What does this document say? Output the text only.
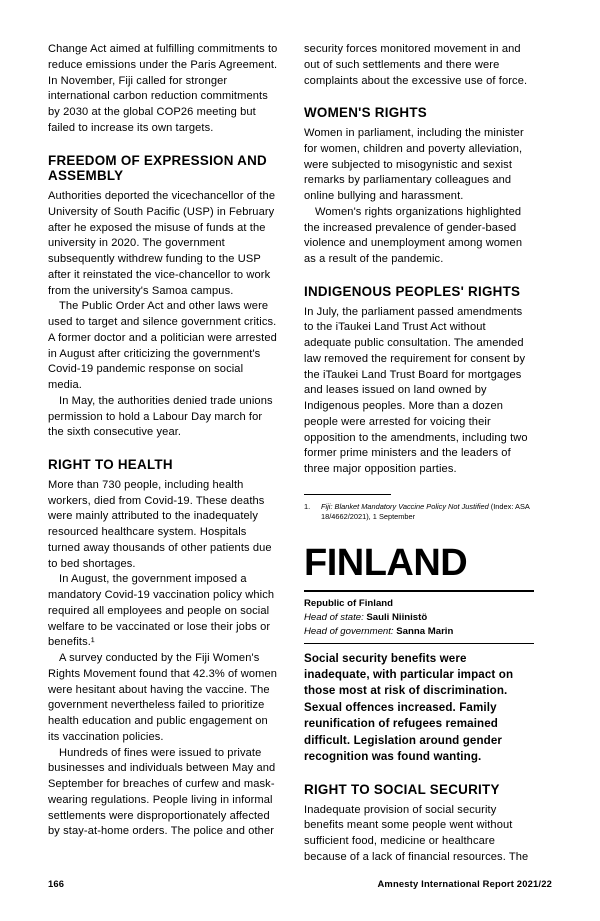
Change Act aimed at fulfilling commitments to reduce emissions under the Paris Agreement. In November, Fiji called for stronger international carbon reduction commitments by 2030 at the global COP26 meeting but failed to increase its own targets.

FREEDOM OF EXPRESSION AND ASSEMBLY

Authorities deported the vicechancellor of the University of South Pacific (USP) in February after he exposed the misuse of funds at the university in 2020. The government subsequently withdrew funding to the USP after it reinstated the vice-chancellor to work from the university's Samoa campus.

The Public Order Act and other laws were used to target and silence government critics. A former doctor and a politician were arrested in August after criticizing the government's Covid-19 pandemic response on social media.

In May, the authorities denied trade unions permission to hold a Labour Day march for the sixth consecutive year.

RIGHT TO HEALTH

More than 730 people, including health workers, died from Covid-19. These deaths were mainly attributed to the inadequately resourced healthcare system. Hospitals turned away thousands of other patients due to bed shortages.

In August, the government imposed a mandatory Covid-19 vaccination policy which required all employees and people on social welfare to be vaccinated or lose their jobs or benefits.¹

A survey conducted by the Fiji Women's Rights Movement found that 42.3% of women were hesitant about having the vaccine. The government nevertheless failed to prioritize health education and public engagement on its vaccination policies.

Hundreds of fines were issued to private businesses and individuals between May and September for breaches of curfew and mask-wearing regulations. People living in informal settlements were disproportionately affected by stay-at-home orders. The police and other

security forces monitored movement in and out of such settlements and there were complaints about the excessive use of force.

WOMEN'S RIGHTS

Women in parliament, including the minister for women, children and poverty alleviation, were subjected to misogynistic and sexist remarks by parliamentary colleagues and online bullying and harassment.

Women's rights organizations highlighted the increased prevalence of gender-based violence and unemployment among women as a result of the pandemic.

INDIGENOUS PEOPLES' RIGHTS

In July, the parliament passed amendments to the iTaukei Land Trust Act without adequate public consultation. The amended law removed the requirement for consent by the iTaukei Land Trust Board for mortgages and leases issued on land owned by Indigenous peoples. More than a dozen people were arrested for voicing their opposition to the amendments, including two former prime ministers and the leaders of three major opposition parties.

1.	Fiji: Blanket Mandatory Vaccine Policy Not Justified (Index: ASA 18/4662/2021), 1 September
FINLAND
Republic of Finland
Head of state: Sauli Niinistö
Head of government: Sanna Marin

Social security benefits were inadequate, with particular impact on those most at risk of discrimination. Sexual offences increased. Family reunification of refugees remained difficult. Legislation around gender recognition was found wanting.

RIGHT TO SOCIAL SECURITY

Inadequate provision of social security benefits meant some people went without sufficient food, medicine or healthcare because of a lack of financial resources. The

166	Amnesty International Report 2021/22
